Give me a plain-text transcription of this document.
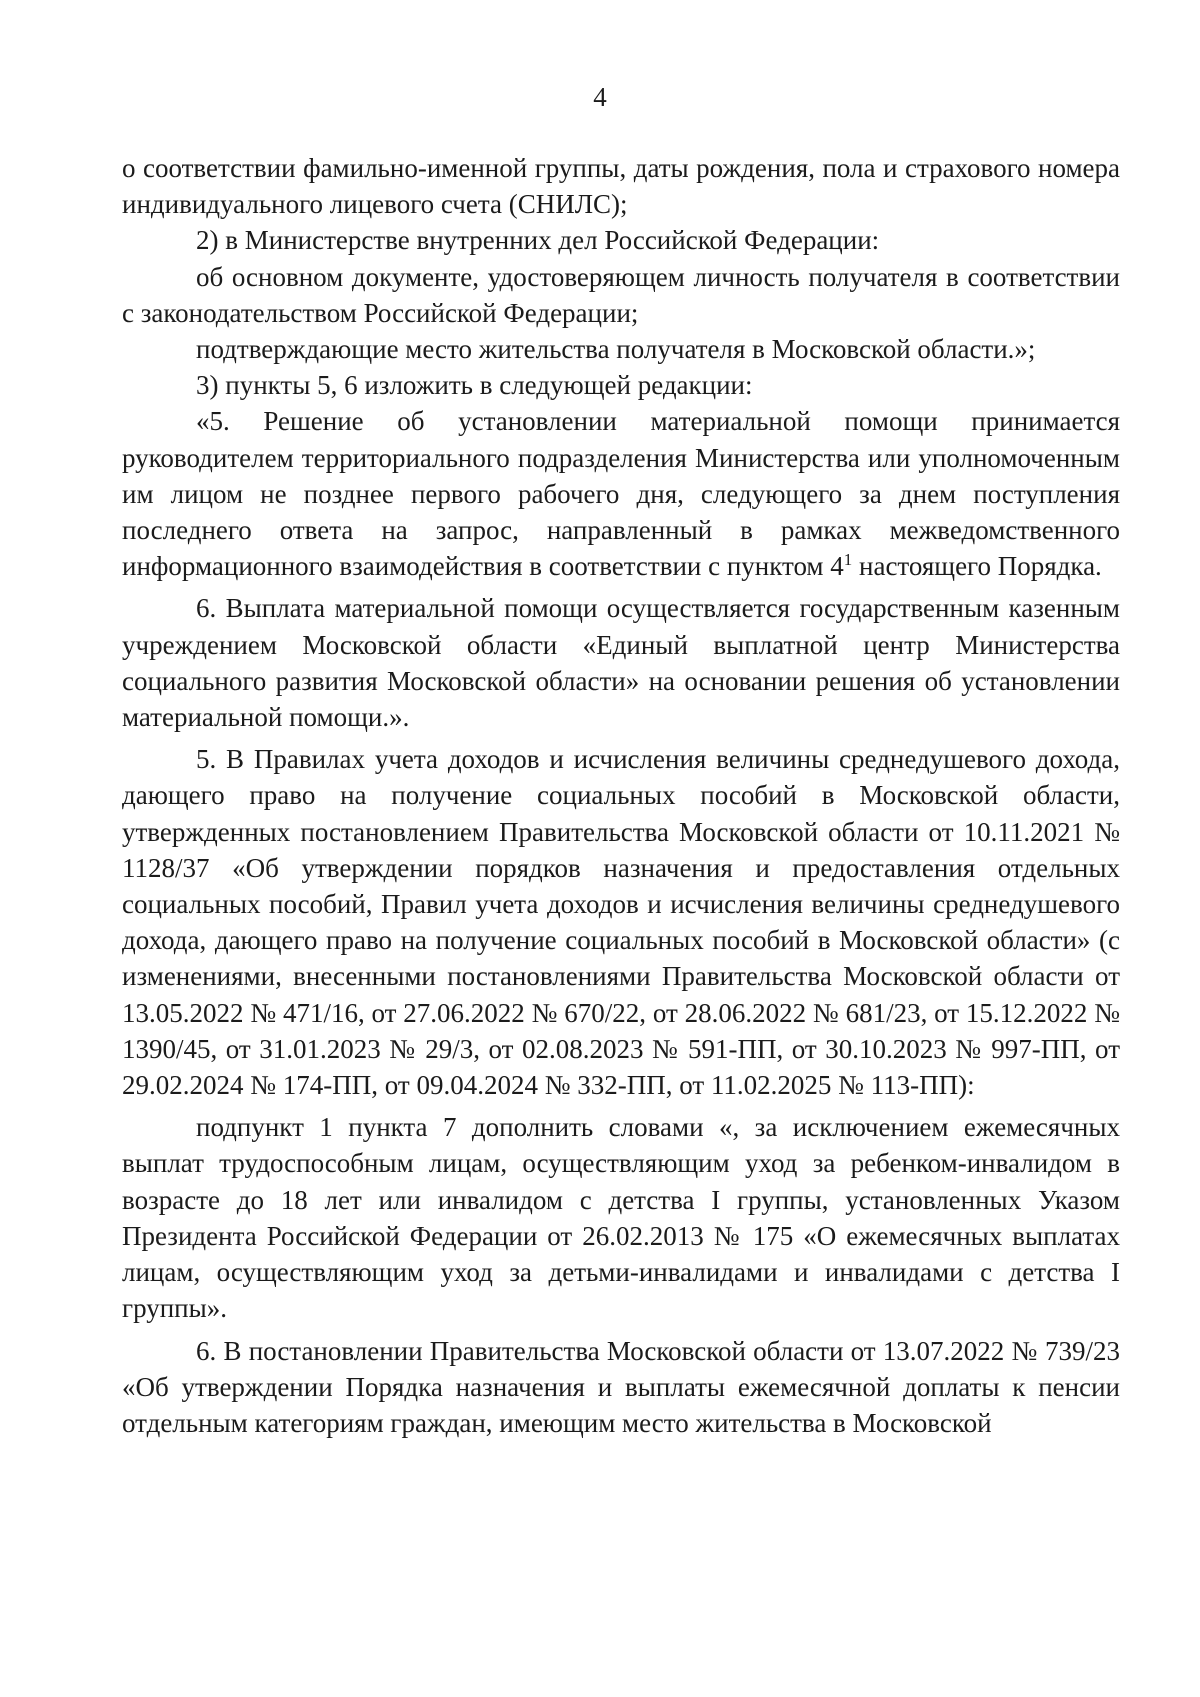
4

о соответствии фамильно-именной группы, даты рождения, пола и страхового номера индивидуального лицевого счета (СНИЛС);

2) в Министерстве внутренних дел Российской Федерации:

об основном документе, удостоверяющем личность получателя в соответствии с законодательством Российской Федерации;

подтверждающие место жительства получателя в Московской области.»;

3) пункты 5, 6 изложить в следующей редакции:

«5. Решение об установлении материальной помощи принимается руководителем территориального подразделения Министерства или уполномоченным им лицом не позднее первого рабочего дня, следующего за днем поступления последнего ответа на запрос, направленный в рамках межведомственного информационного взаимодействия в соответствии с пунктом $4^1$ настоящего Порядка.

6. Выплата материальной помощи осуществляется государственным казенным учреждением Московской области «Единый выплатной центр Министерства социального развития Московской области» на основании решения об установлении материальной помощи.».

5. В Правилах учета доходов и исчисления величины среднедушевого дохода, дающего право на получение социальных пособий в Московской области, утвержденных постановлением Правительства Московской области от 10.11.2021 № 1128/37 «Об утверждении порядков назначения и предоставления отдельных социальных пособий, Правил учета доходов и исчисления величины среднедушевого дохода, дающего право на получение социальных пособий в Московской области» (с изменениями, внесенными постановлениями Правительства Московской области от 13.05.2022 № 471/16, от 27.06.2022 № 670/22, от 28.06.2022 № 681/23, от 15.12.2022 № 1390/45, от 31.01.2023 № 29/3, от 02.08.2023 № 591-ПП, от 30.10.2023 № 997-ПП, от 29.02.2024 № 174-ПП, от 09.04.2024 № 332-ПП, от 11.02.2025 № 113-ПП):

подпункт 1 пункта 7 дополнить словами «, за исключением ежемесячных выплат трудоспособным лицам, осуществляющим уход за ребенком-инвалидом в возрасте до 18 лет или инвалидом с детства I группы, установленных Указом Президента Российской Федерации от 26.02.2013 № 175 «О ежемесячных выплатах лицам, осуществляющим уход за детьми-инвалидами и инвалидами с детства I группы».

6. В постановлении Правительства Московской области от 13.07.2022 № 739/23 «Об утверждении Порядка назначения и выплаты ежемесячной доплаты к пенсии отдельным категориям граждан, имеющим место жительства в Московской
